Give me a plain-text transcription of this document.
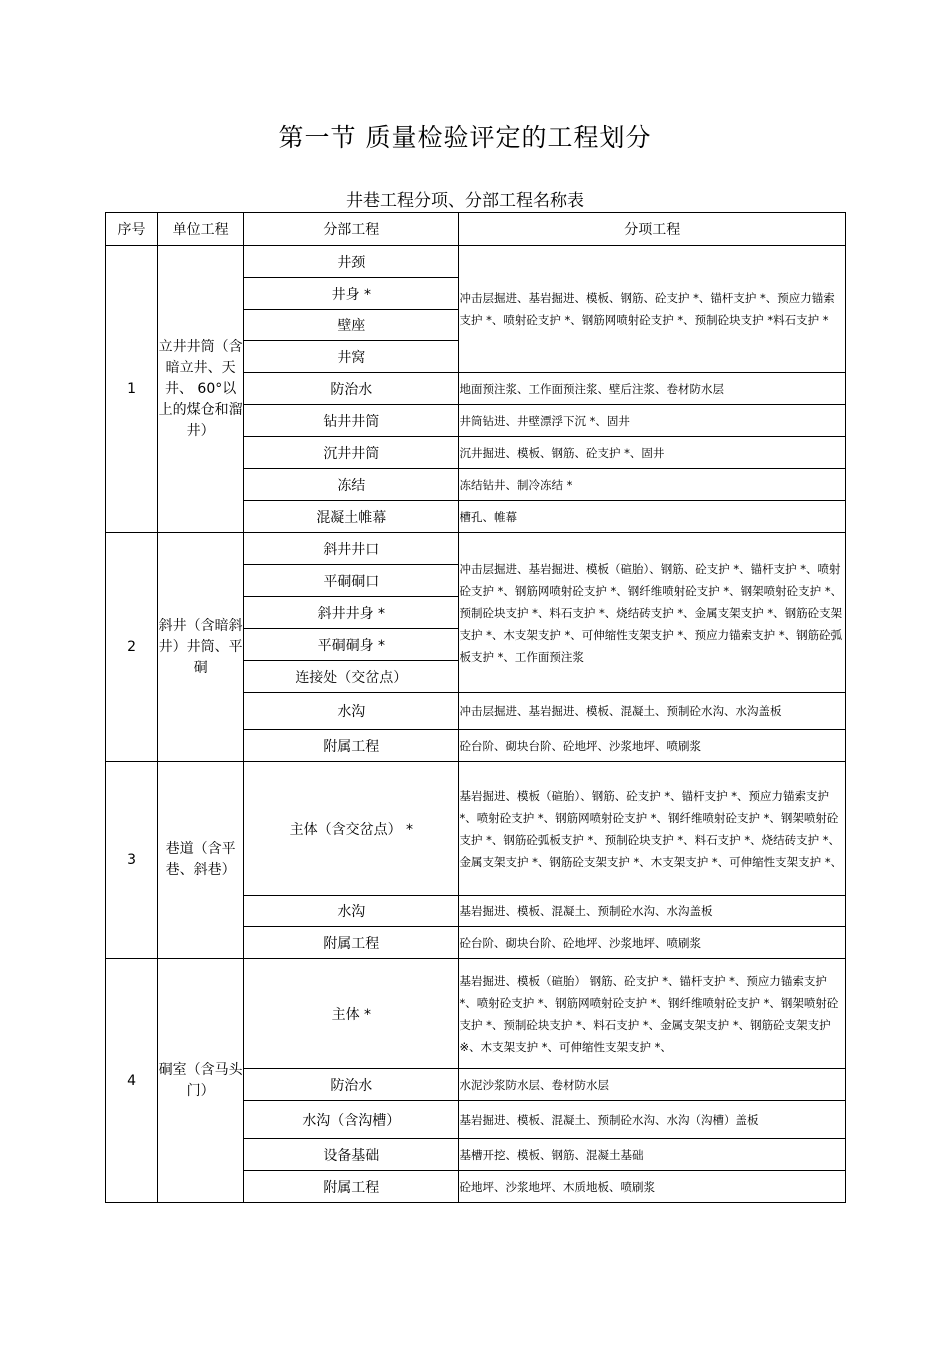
第一节 质量检验评定的工程划分
井巷工程分项、分部工程名称表
序号	单位工程	分部工程	分项工程
1	立井井筒（含暗立井、天井、 60°以上的煤仓和溜井）	井颈	冲击层掘进、基岩掘进、模板、钢筋、砼支护 *、锚杆支护 *、预应力锚索支护 *、喷射砼支护 *、钢筋网喷射砼支护 *、预制砼块支护 *料石支护 *
		井身 *	
		壁座	
		井窝	
		防治水	地面预注浆、工作面预注浆、壁后注浆、卷材防水层
		钻井井筒	井筒钻进、井壁漂浮下沉 *、固井
		沉井井筒	沉井掘进、模板、钢筋、砼支护 *、固井
		冻结	冻结钻井、制冷冻结 *
		混凝土帷幕	槽孔、帷幕
2	斜井（含暗斜井）井筒、平硐	斜井井口	冲击层掘进、基岩掘进、模板（碹胎）、钢筋、砼支护 *、锚杆支护 *、喷射砼支护 *、钢筋网喷射砼支护 *、钢纤维喷射砼支护 *、钢架喷射砼支护 *、预制砼块支护 *、料石支护 *、烧结砖支护 *、金属支架支护 *、钢筋砼支架支护 *、木支架支护 *、可伸缩性支架支护 *、预应力锚索支护 *、钢筋砼弧板支护 *、工作面预注浆
		平硐硐口	
		斜井井身 *	
		平硐硐身 *	
		连接处（交岔点）	
		水沟	冲击层掘进、基岩掘进、模板、混凝土、预制砼水沟、水沟盖板
		附属工程	砼台阶、砌块台阶、砼地坪、沙浆地坪、喷刷浆
3	巷道（含平巷、斜巷）	主体（含交岔点） *	基岩掘进、模板（碹胎）、钢筋、砼支护 *、锚杆支护 *、预应力锚索支护 *、喷射砼支护 *、钢筋网喷射砼支护 *、钢纤维喷射砼支护 *、钢架喷射砼支护 *、钢筋砼弧板支护 *、预制砼块支护 *、料石支护 *、烧结砖支护 *、金属支架支护 *、钢筋砼支架支护 *、木支架支护 *、可伸缩性支架支护 *、
		水沟	基岩掘进、模板、混凝土、预制砼水沟、水沟盖板
		附属工程	砼台阶、砌块台阶、砼地坪、沙浆地坪、喷刷浆
4	硐室（含马头门）	主体 *	基岩掘进、模板（碹胎） 钢筋、砼支护 *、锚杆支护 *、预应力锚索支护 *、喷射砼支护 *、钢筋网喷射砼支护 *、钢纤维喷射砼支护 *、钢架喷射砼支护 *、预制砼块支护 *、料石支护 *、金属支架支护 *、钢筋砼支架支护※、木支架支护 *、可伸缩性支架支护 *、
		防治水	水泥沙浆防水层、卷材防水层
		水沟（含沟槽）	基岩掘进、模板、混凝土、预制砼水沟、水沟（沟槽）盖板
		设备基础	基槽开挖、模板、钢筋、混凝土基础
		附属工程	砼地坪、沙浆地坪、木质地板、喷刷浆
